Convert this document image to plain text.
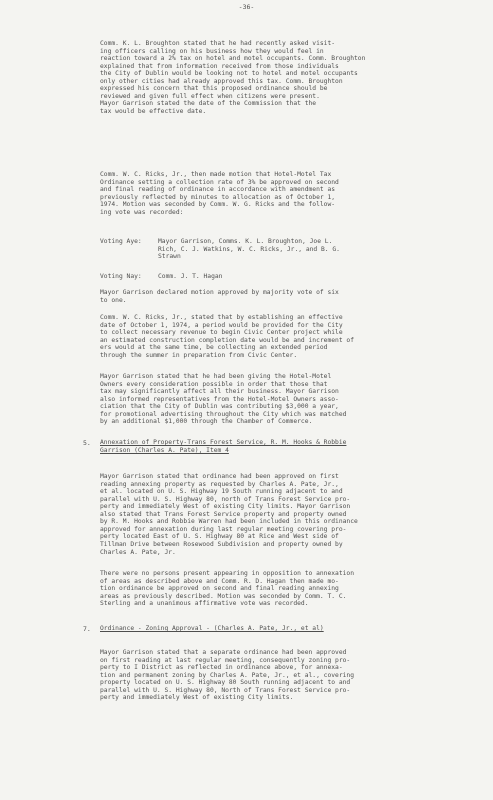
-36-
Comm. K. L. Broughton stated that he had recently asked visit-
ing officers calling on his business how they would feel in
reaction toward a 2% tax on hotel and motel occupants. Comm. Broughton
explained that from information received from those individuals
the City of Dublin would be looking not to hotel and motel occupants
only other cities had already approved this tax. Comm. Broughton
expressed his concern that this proposed ordinance should be
reviewed and given full effect when citizens were present.
Mayor Garrison stated the date of the Commission that the
tax would be effective date.
Comm. W. C. Ricks, Jr., then made motion that Hotel-Motel Tax
Ordinance setting a collection rate of 3% be approved on second
and final reading of ordinance in accordance with amendment as
previously reflected by minutes to allocation as of October 1,
1974. Motion was seconded by Comm. W. G. Ricks and the follow-
ing vote was recorded:
Voting Aye:	Mayor Garrison, Comms. K. L. Broughton, Joe L.
Rich, C. J. Watkins, W. C. Ricks, Jr., and B. G.
Strawn
Voting Nay:	Comm. J. T. Hagan
Mayor Garrison declared motion approved by majority vote of six
to one.
Comm. W. C. Ricks, Jr., stated that by establishing an effective
date of October 1, 1974, a period would be provided for the City
to collect necessary revenue to begin Civic Center project while
an estimated construction completion date would be and increment of
ers would at the same time, be collecting an extended period
through the summer in preparation from Civic Center.
Mayor Garrison stated that he had been giving the Hotel-Motel
Owners every consideration possible in order that those that
tax may significantly affect all their business. Mayor Garrison
also informed representatives from the Hotel-Motel Owners asso-
ciation that the City of Dublin was contributing $3,000 a year,
for promotional advertising throughout the City which was matched
by an additional $1,000 through the Chamber of Commerce.
5. Annexation of Property-Trans Forest Service, R. M. Hooks & Robbie
Garrison (Charles A. Pate), Item 4
Mayor Garrison stated that ordinance had been approved on first
reading annexing property as requested by Charles A. Pate, Jr.,
et al. located on U. S. Highway 19 South running adjacent to and
parallel with U. S. Highway 80, north of Trans Forest Service pro-
perty and immediately West of existing City limits. Mayor Garrison
also stated that Trans Forest Service property and property owned
by R. M. Hooks and Robbie Warren had been included in this ordinance
approved for annexation during last regular meeting covering pro-
perty located East of U. S. Highway 80 at Rice and West side of
Tillman Drive between Rosewood Subdivision and property owned by
Charles A. Pate, Jr.
There were no persons present appearing in opposition to annexation
of areas as described above and Comm. R. D. Hagan then made mo-
tion ordinance be approved on second and final reading annexing
areas as previously described. Motion was seconded by Comm. T. C.
Sterling and a unanimous affirmative vote was recorded.
7. Ordinance - Zoning Approval - (Charles A. Pate, Jr., et al)
Mayor Garrison stated that a separate ordinance had been approved
on first reading at last regular meeting, consequently zoning pro-
perty to I District as reflected in ordinance above, for annexa-
tion and permanent zoning by Charles A. Pate, Jr., et al., covering
property located on U. S. Highway 80 South running adjacent to and
parallel with U. S. Highway 80, North of Trans Forest Service pro-
perty and immediately West of existing City limits.
